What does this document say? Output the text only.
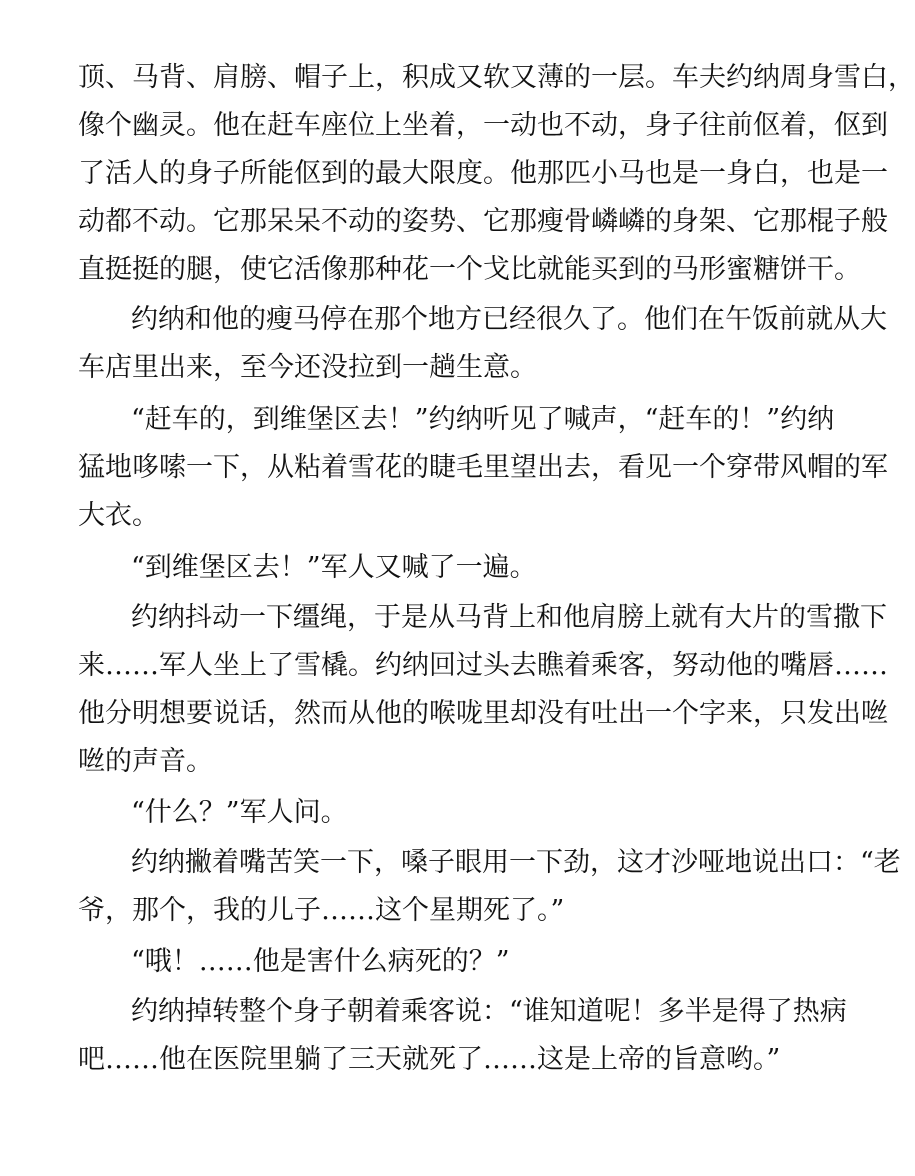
顶、马背、肩膀、帽子上，积成又软又薄的一层。车夫约纳周身雪白，
像个幽灵。他在赶车座位上坐着，一动也不动，身子往前伛着，伛到
了活人的身子所能伛到的最大限度。他那匹小马也是一身白，也是一
动都不动。它那呆呆不动的姿势、它那瘦骨嶙嶙的身架、它那棍子般
直挺挺的腿，使它活像那种花一个戈比就能买到的马形蜜糖饼干。
约纳和他的瘦马停在那个地方已经很久了。他们在午饭前就从大
车店里出来，至今还没拉到一趟生意。
“赶车的，到维堡区去！”约纳听见了喊声，“赶车的！”约纳
猛地哆嗦一下，从粘着雪花的睫毛里望出去，看见一个穿带风帽的军
大衣。
“到维堡区去！”军人又喊了一遍。
约纳抖动一下缰绳，于是从马背上和他肩膀上就有大片的雪撒下
来……军人坐上了雪橇。约纳回过头去瞧着乘客，努动他的嘴唇……
他分明想要说话，然而从他的喉咙里却没有吐出一个字来，只发出咝
咝的声音。
“什么？”军人问。
约纳撇着嘴苦笑一下，嗓子眼用一下劲，这才沙哑地说出口：“老
爷，那个，我的儿子……这个星期死了。”
“哦！……他是害什么病死的？”
约纳掉转整个身子朝着乘客说：“谁知道呢！多半是得了热病
吧……他在医院里躺了三天就死了……这是上帝的旨意哟。”
